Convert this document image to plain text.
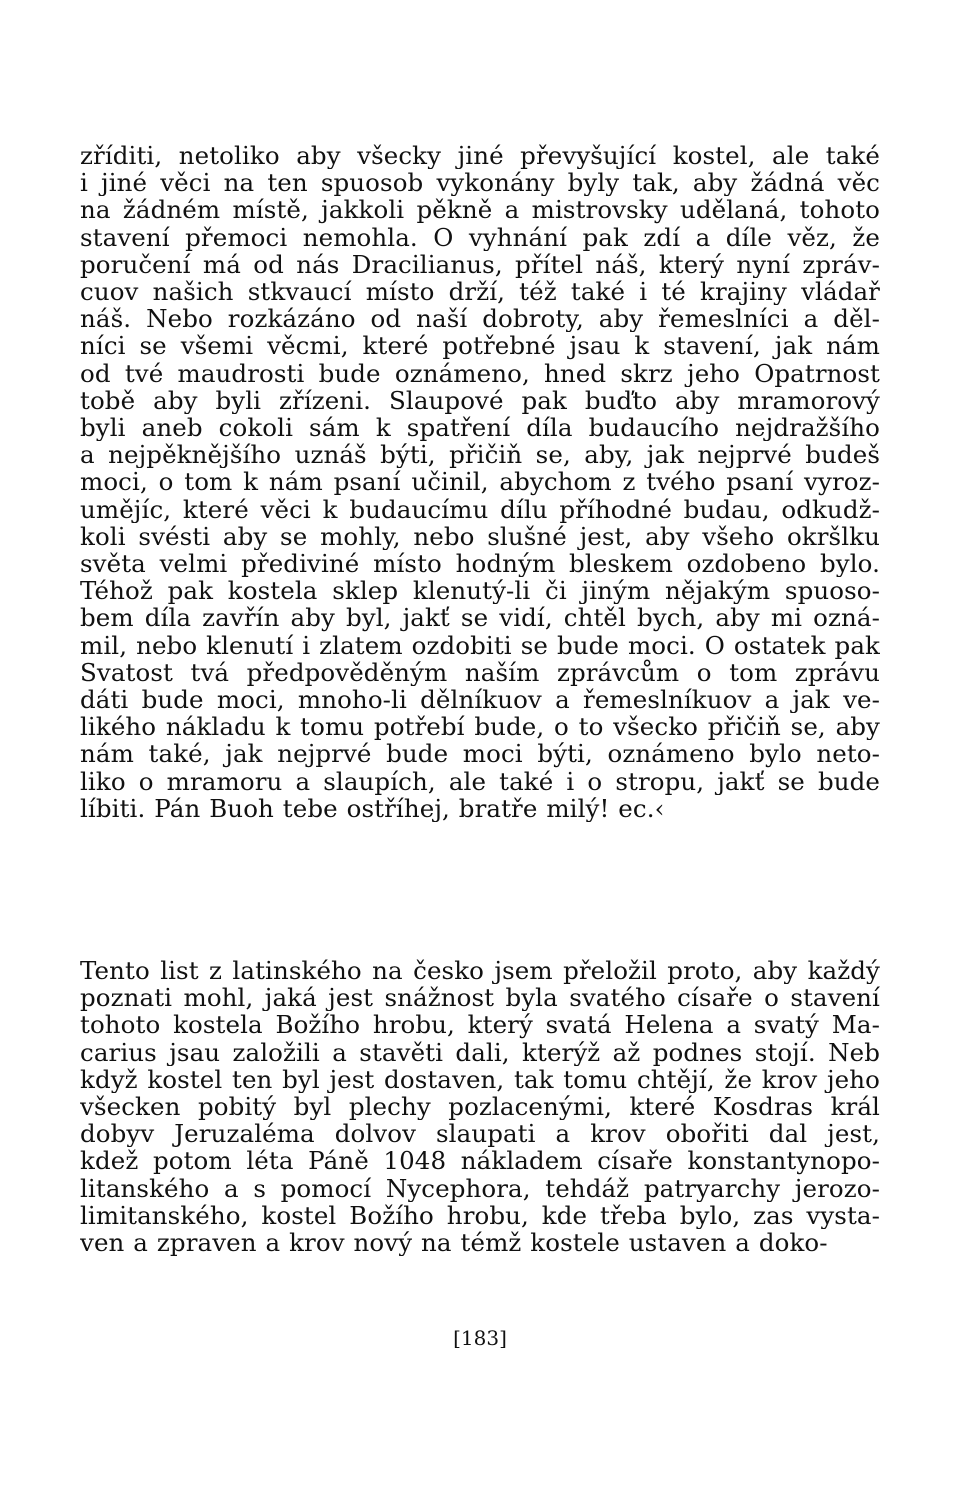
zříditi, netoliko aby všecky jiné převyšující kostel, ale také
i jiné věci na ten spuosob vykonány byly tak, aby žádná věc
na žádném místě, jakkoli pěkně a mistrovsky udělaná, tohoto
stavení přemoci nemohla. O vyhnání pak zdí a díle věz, že
poručení má od nás Dracilianus, přítel náš, který nyní zpráv-
cuov našich stkvaucí místo drží, též také i té krajiny vládař
náš. Nebo rozkázáno od naší dobroty, aby řemeslníci a děl-
níci se všemi věcmi, které potřebné jsau k stavení, jak nám
od tvé maudrosti bude oznámeno, hned skrz jeho Opatrnost
tobě aby byli zřízeni. Slaupové pak buďto aby mramorový
byli aneb cokoli sám k spatření díla budaucího nejdražšího
a nejpěknějšího uznáš býti, přičiň se, aby, jak nejprvé budeš
moci, o tom k nám psaní učinil, abychom z tvého psaní vyroz-
umějíc, které věci k budaucímu dílu příhodné budau, odkudž-
koli svésti aby se mohly, nebo slušné jest, aby všeho okršlku
světa velmi přediviné místo hodným bleskem ozdobeno bylo.
Téhož pak kostela sklep klenutý-li či jiným nějakým spuoso-
bem díla zavřín aby byl, jakť se vidí, chtěl bych, aby mi ozná-
mil, nebo klenutí i zlatem ozdobiti se bude moci. O ostatek pak
Svatost tvá předpověděným naším zprávcům o tom zprávu
dáti bude moci, mnoho-li dělníkuov a řemeslníkuov a jak ve-
likého nákladu k tomu potřebí bude, o to všecko přičiň se, aby
nám také, jak nejprvé bude moci býti, oznámeno bylo neto-
liko o mramoru a slaupích, ale také i o stropu, jakť se bude
líbiti. Pán Buoh tebe ostříhej, bratře milý! ec.‹
Tento list z latinského na česko jsem přeložil proto, aby každý
poznati mohl, jaká jest snážnost byla svatého císaře o stavení
tohoto kostela Božího hrobu, který svatá Helena a svatý Ma-
carius jsau založili a stavěti dali, kterýž až podnes stojí. Neb
když kostel ten byl jest dostaven, tak tomu chtějí, že krov jeho
všecken pobitý byl plechy pozlacenými, které Kosdras král
dobyv Jeruzaléma dolvov slaupati a krov obořiti dal jest,
kdež potom léta Páně 1048 nákladem císaře konstantynopo-
litanského a s pomocí Nycephora, tehdáž patryarchy jerozo-
limitanského, kostel Božího hrobu, kde třeba bylo, zas vysta-
ven a zpraven a krov nový na témž kostele ustaven a doko-
[183]
